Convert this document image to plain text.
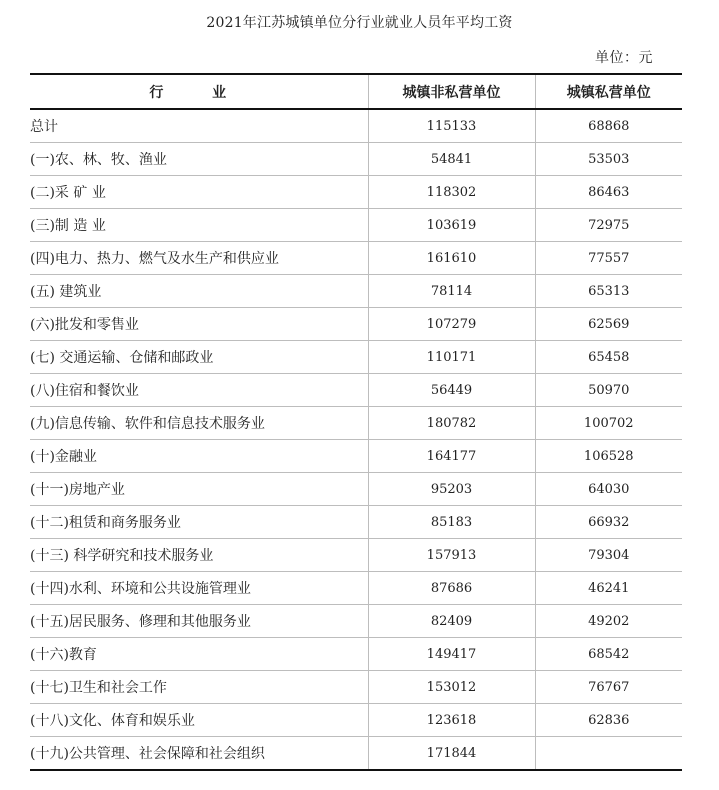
2021年江苏城镇单位分行业就业人员年平均工资
单位：元
行 业	城镇非私营单位	城镇私营单位
总计	115133	68868
(一)农、林、牧、渔业	54841	53503
(二)采 矿 业	118302	86463
(三)制 造 业	103619	72975
(四)电力、热力、燃气及水生产和供应业	161610	77557
(五) 建筑业	78114	65313
(六)批发和零售业	107279	62569
(七) 交通运输、仓储和邮政业	110171	65458
(八)住宿和餐饮业	56449	50970
(九)信息传输、软件和信息技术服务业	180782	100702
(十)金融业	164177	106528
(十一)房地产业	95203	64030
(十二)租赁和商务服务业	85183	66932
(十三) 科学研究和技术服务业	157913	79304
(十四)水利、环境和公共设施管理业	87686	46241
(十五)居民服务、修理和其他服务业	82409	49202
(十六)教育	149417	68542
(十七)卫生和社会工作	153012	76767
(十八)文化、体育和娱乐业	123618	62836
(十九)公共管理、社会保障和社会组织	171844	
